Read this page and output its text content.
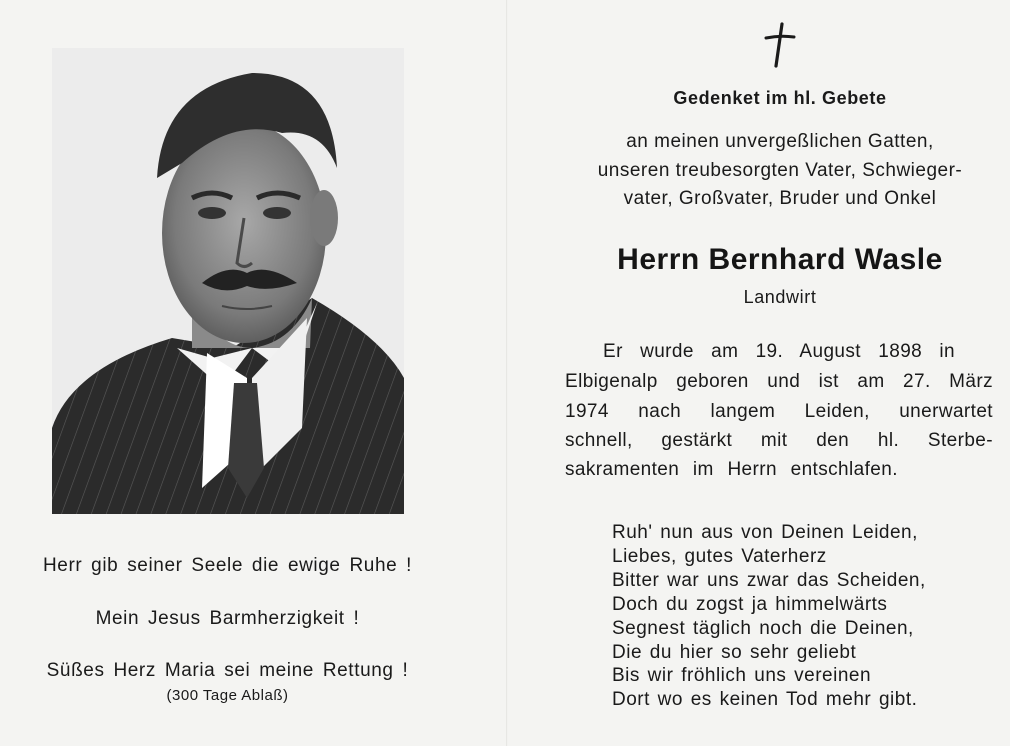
Herr gib seiner Seele die ewige Ruhe !
Mein Jesus Barmherzigkeit !
Süßes Herz Maria sei meine Rettung !
(300 Tage Ablaß)
Gedenket im hl. Gebete
an meinen unvergeßlichen Gatten,
unseren treubesorgten Vater, Schwieger-
vater, Großvater, Bruder und Onkel
Herrn Bernhard Wasle
Landwirt
Er wurde am 19. August 1898 in
Elbigenalp geboren und ist am 27. März
1974 nach langem Leiden, unerwartet
schnell, gestärkt mit den hl. Sterbe-
sakramenten im Herrn entschlafen.
Ruh' nun aus von Deinen Leiden,
Liebes, gutes Vaterherz
Bitter war uns zwar das Scheiden,
Doch du zogst ja himmelwärts
Segnest täglich noch die Deinen,
Die du hier so sehr geliebt
Bis wir fröhlich uns vereinen
Dort wo es keinen Tod mehr gibt.
